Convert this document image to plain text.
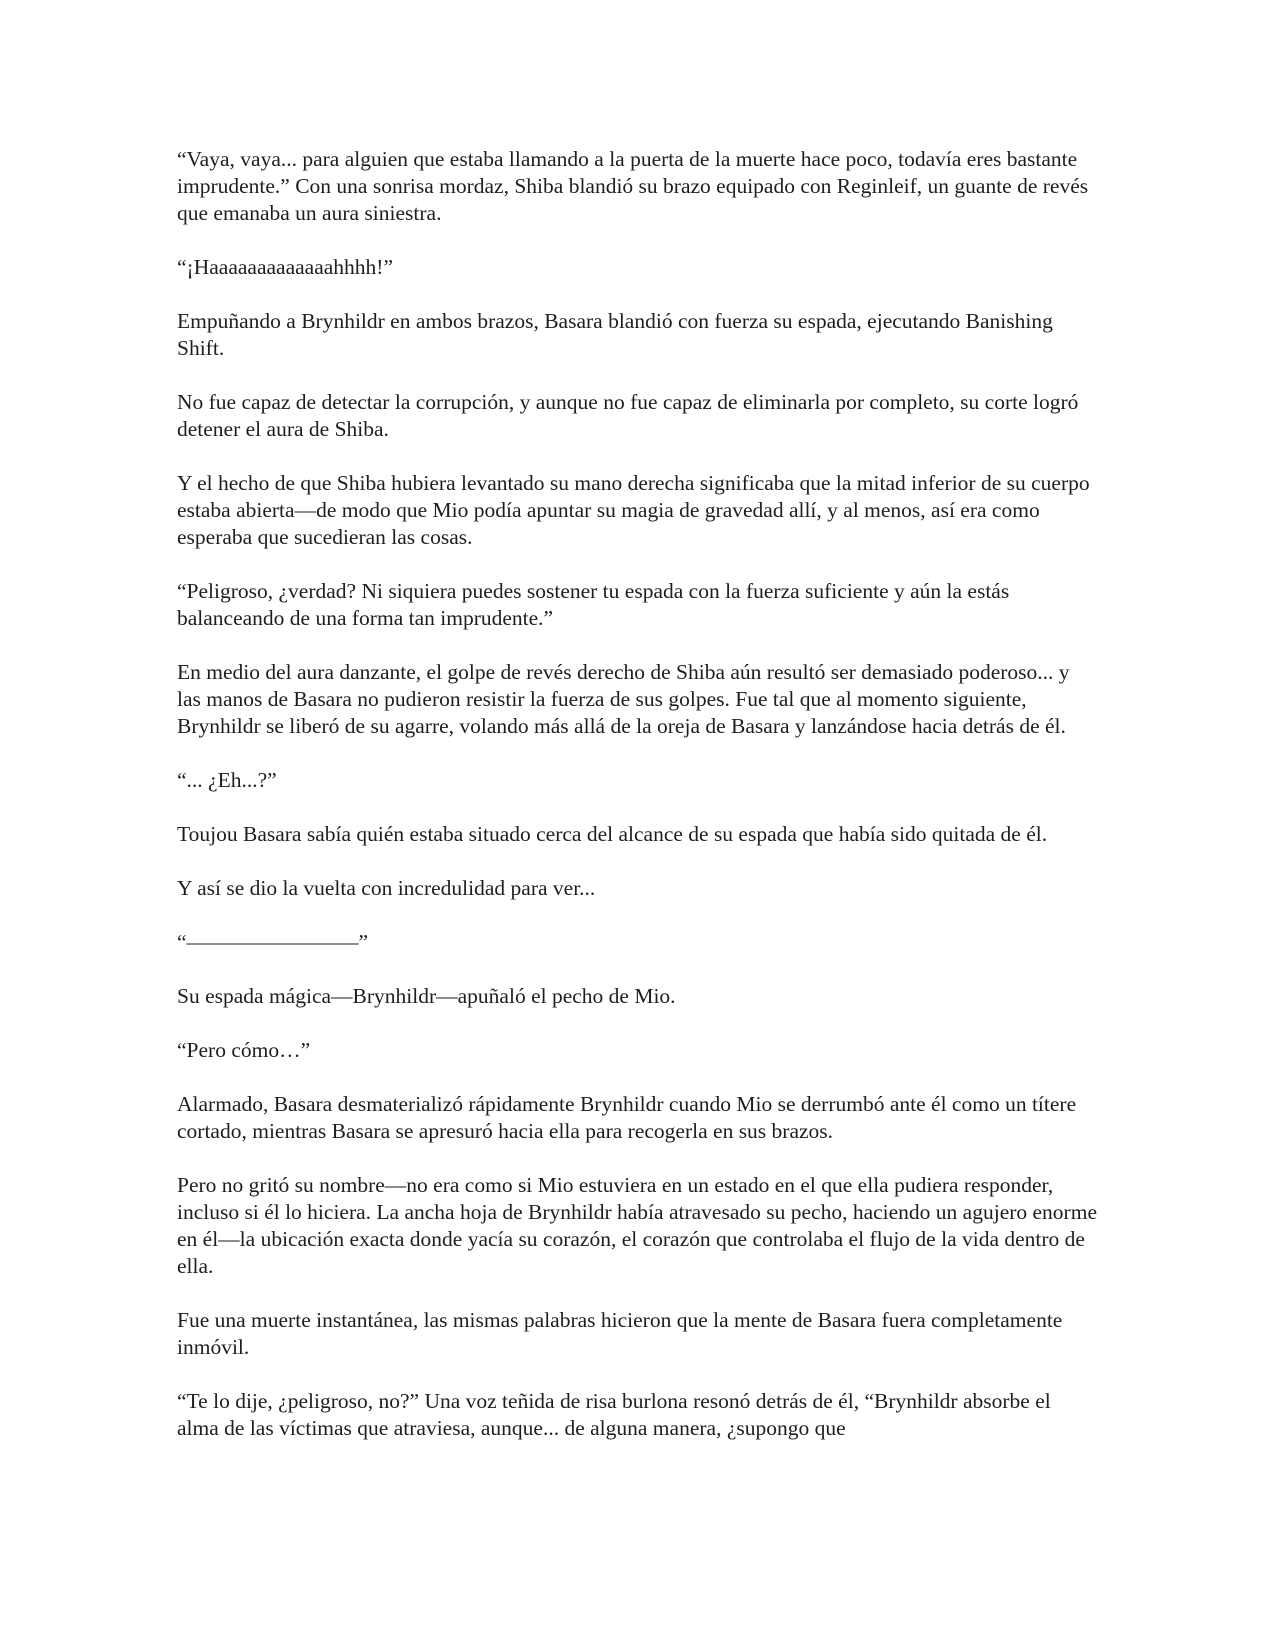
“Vaya, vaya... para alguien que estaba llamando a la puerta de la muerte hace poco, todavía eres bastante imprudente.” Con una sonrisa mordaz, Shiba blandió su brazo equipado con Reginleif, un guante de revés que emanaba un aura siniestra.

“¡Haaaaaaaaaaaaahhhh!”

Empuñando a Brynhildr en ambos brazos, Basara blandió con fuerza su espada, ejecutando Banishing Shift.

No fue capaz de detectar la corrupción, y aunque no fue capaz de eliminarla por completo, su corte logró detener el aura de Shiba.

Y el hecho de que Shiba hubiera levantado su mano derecha significaba que la mitad inferior de su cuerpo estaba abierta—de modo que Mio podía apuntar su magia de gravedad allí, y al menos, así era como esperaba que sucedieran las cosas.

“Peligroso, ¿verdad? Ni siquiera puedes sostener tu espada con la fuerza suficiente y aún la estás balanceando de una forma tan imprudente.”

En medio del aura danzante, el golpe de revés derecho de Shiba aún resultó ser demasiado poderoso... y las manos de Basara no pudieron resistir la fuerza de sus golpes. Fue tal que al momento siguiente, Brynhildr se liberó de su agarre, volando más allá de la oreja de Basara y lanzándose hacia detrás de él.

“... ¿Eh...?”

Toujou Basara sabía quién estaba situado cerca del alcance de su espada que había sido quitada de él.

Y así se dio la vuelta con incredulidad para ver...

“————————”

Su espada mágica—Brynhildr—apuñaló el pecho de Mio.

“Pero cómo…”

Alarmado, Basara desmaterializó rápidamente Brynhildr cuando Mio se derrumbó ante él como un títere cortado, mientras Basara se apresuró hacia ella para recogerla en sus brazos.

Pero no gritó su nombre—no era como si Mio estuviera en un estado en el que ella pudiera responder, incluso si él lo hiciera. La ancha hoja de Brynhildr había atravesado su pecho, haciendo un agujero enorme en él—la ubicación exacta donde yacía su corazón, el corazón que controlaba el flujo de la vida dentro de ella.

Fue una muerte instantánea, las mismas palabras hicieron que la mente de Basara fuera completamente inmóvil.

“Te lo dije, ¿peligroso, no?” Una voz teñida de risa burlona resonó detrás de él, “Brynhildr absorbe el alma de las víctimas que atraviesa, aunque... de alguna manera, ¿supongo que
